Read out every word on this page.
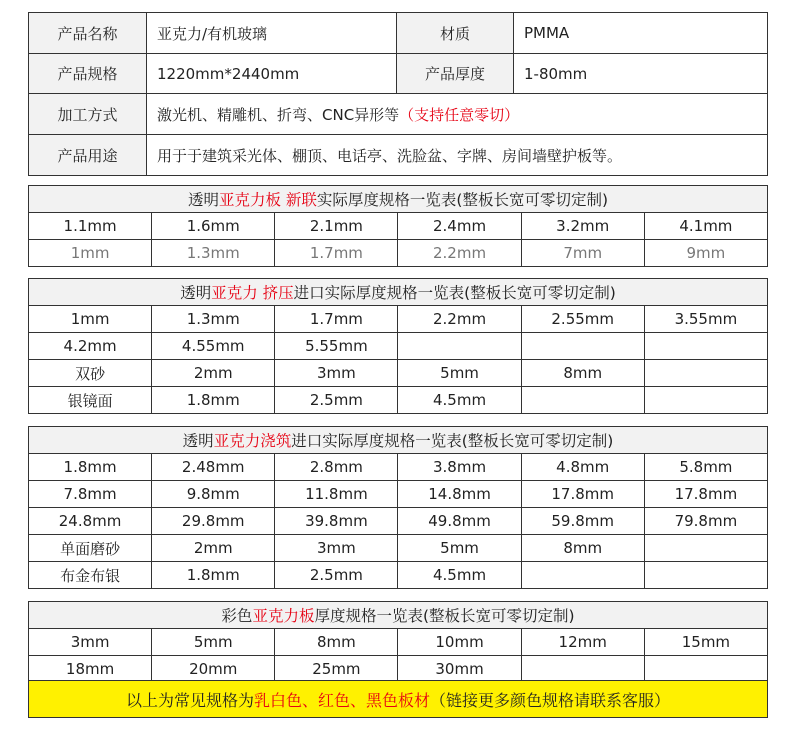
产品名称	亚克力/有机玻璃	材质	PMMA
产品规格	1220mm*2440mm	产品厚度	1-80mm
加工方式	激光机、精雕机、折弯、CNC异形等（支持任意零切）		
产品用途	用于于建筑采光体、棚顶、电话亭、洗脸盆、字牌、房间墙壁护板等。		
透明亚克力板 新联实际厚度规格一览表(整板长宽可零切定制)					
1.1mm	1.6mm	2.1mm	2.4mm	3.2mm	4.1mm
1mm	1.3mm	1.7mm	2.2mm	7mm	9mm
透明亚克力 挤压进口实际厚度规格一览表(整板长宽可零切定制)					
1mm	1.3mm	1.7mm	2.2mm	2.55mm	3.55mm
4.2mm	4.55mm	5.55mm			
双砂	2mm	3mm	5mm	8mm	
银镜面	1.8mm	2.5mm	4.5mm		
透明亚克力浇筑进口实际厚度规格一览表(整板长宽可零切定制)					
1.8mm	2.48mm	2.8mm	3.8mm	4.8mm	5.8mm
7.8mm	9.8mm	11.8mm	14.8mm	17.8mm	17.8mm
24.8mm	29.8mm	39.8mm	49.8mm	59.8mm	79.8mm
单面磨砂	2mm	3mm	5mm	8mm	
布金布银	1.8mm	2.5mm	4.5mm		
彩色亚克力板厚度规格一览表(整板长宽可零切定制)					
3mm	5mm	8mm	10mm	12mm	15mm
18mm	20mm	25mm	30mm		
以上为常见规格为 乳白色、红色、黑色板材 （链接更多颜色规格请联系客服）
